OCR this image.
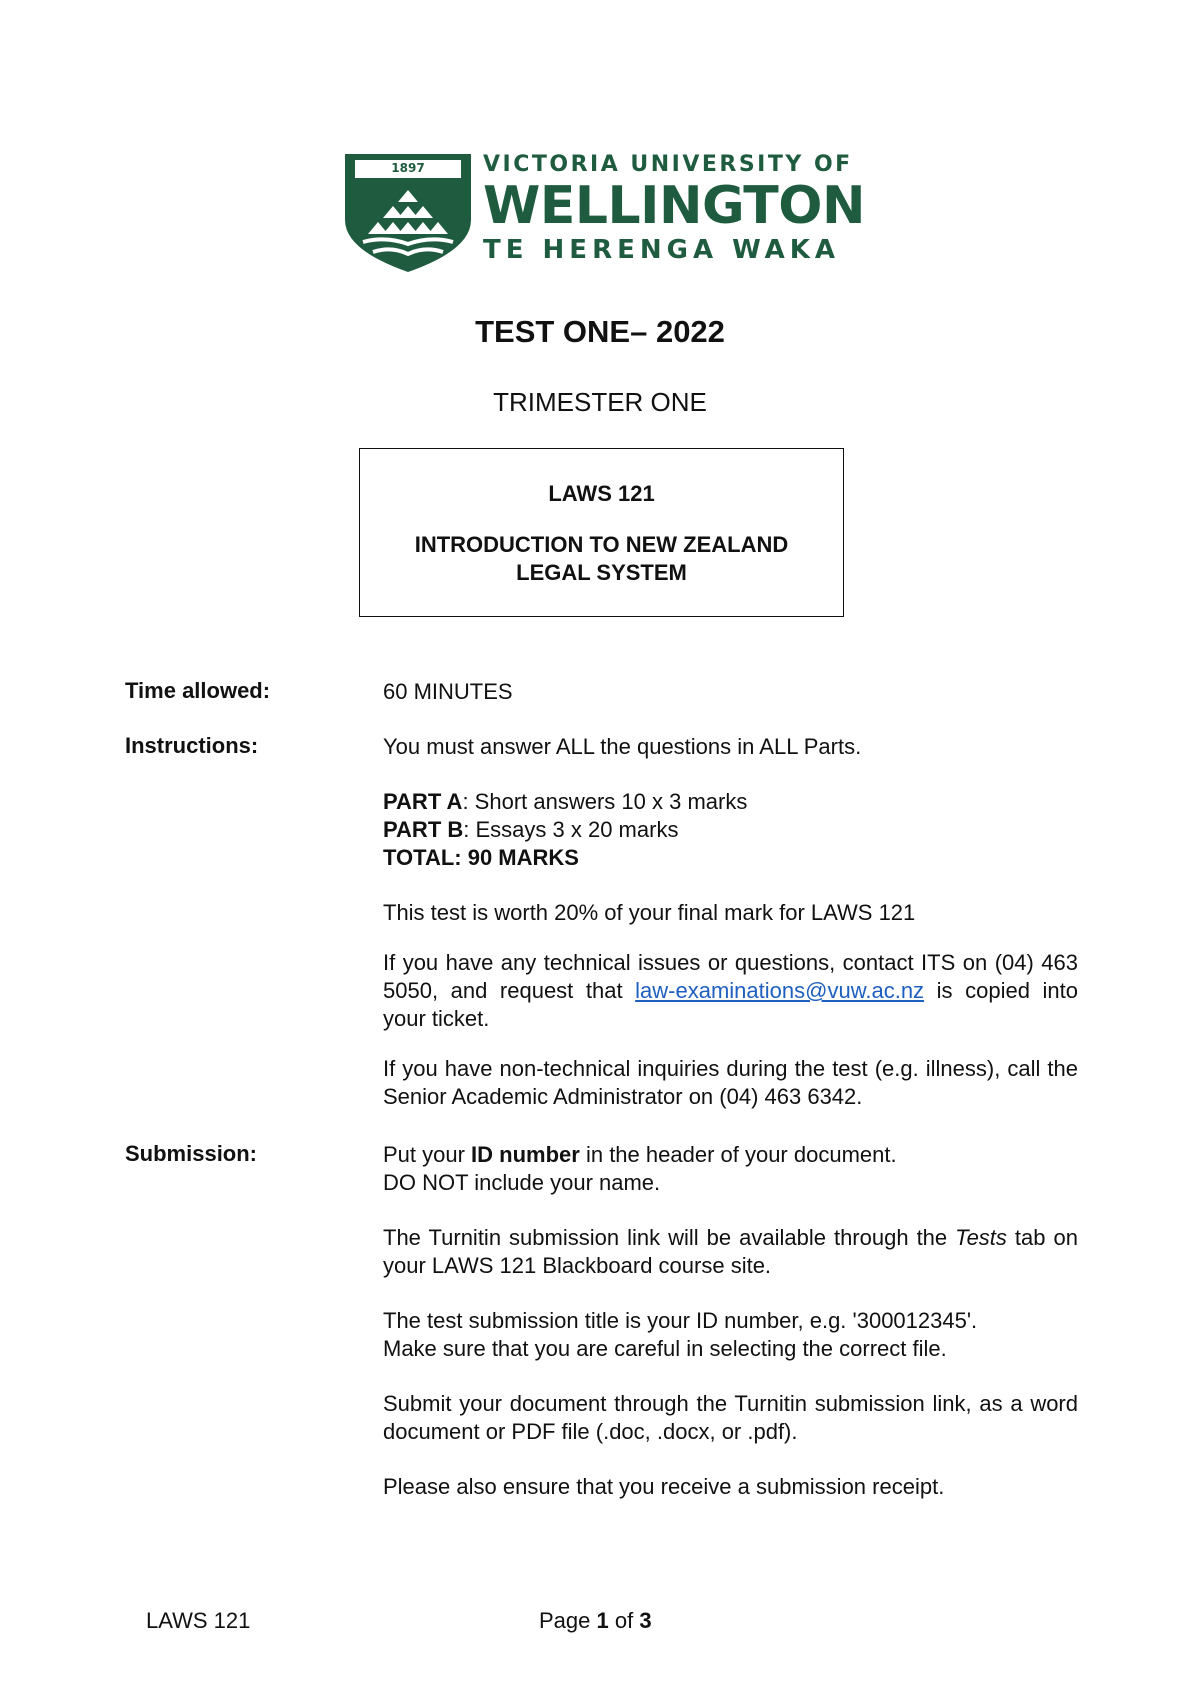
1897	VICTORIA UNIVERSITY OF
WELLINGTON
TE HERENGA WAKA
TEST ONE– 2022
TRIMESTER ONE
LAWS 121
INTRODUCTION TO NEW ZEALAND
LEGAL SYSTEM
Time allowed:	60 MINUTES

Instructions:	You must answer ALL the questions in ALL Parts.

PART A: Short answers 10 x 3 marks

PART B: Essays 3 x 20 marks

TOTAL: 90 MARKS

This test is worth 20% of your final mark for LAWS 121

If you have any technical issues or questions, contact ITS on (04) 463 5050, and request that law-examinations@vuw.ac.nz is copied into your ticket.

If you have non-technical inquiries during the test (e.g. illness), call the Senior Academic Administrator on (04) 463 6342.

Submission:	Put your ID number in the header of your document.

DO NOT include your name.

The Turnitin submission link will be available through the Tests tab on your LAWS 121 Blackboard course site.

The test submission title is your ID number, e.g. '300012345'.

Make sure that you are careful in selecting the correct file.

Submit your document through the Turnitin submission link, as a word document or PDF file (.doc, .docx, or .pdf).

Please also ensure that you receive a submission receipt.

LAWS 121	Page 1 of 3
